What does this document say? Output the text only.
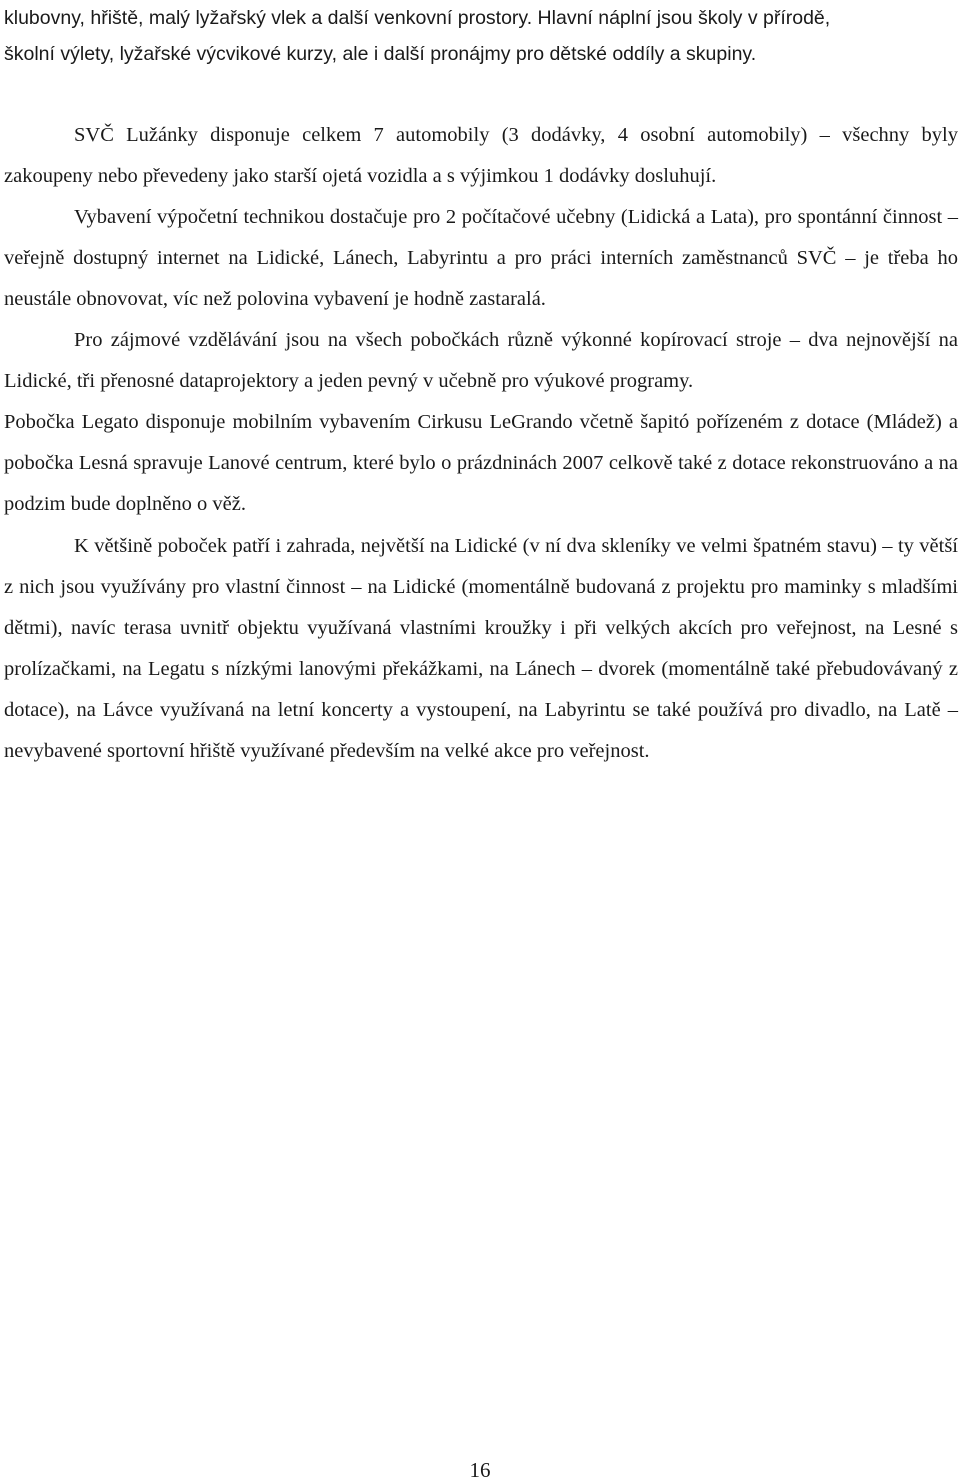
klubovny, hřiště, malý lyžařský vlek a další venkovní prostory. Hlavní náplní jsou školy v přírodě,
školní výlety, lyžařské výcvikové kurzy, ale i další pronájmy pro dětské oddíly a skupiny.

SVČ Lužánky disponuje celkem 7 automobily (3 dodávky, 4 osobní automobily) – všechny byly zakoupeny nebo převedeny jako starší ojetá vozidla a s výjimkou 1 dodávky dosluhují.

Vybavení výpočetní technikou dostačuje pro 2 počítačové učebny (Lidická a Lata), pro spontánní činnost – veřejně dostupný internet na Lidické, Lánech, Labyrintu a pro práci interních zaměstnanců SVČ – je třeba ho neustále obnovovat, víc než polovina vybavení je hodně zastaralá.

Pro zájmové vzdělávání jsou na všech pobočkách různě výkonné kopírovací stroje – dva nejnovější na Lidické, tři přenosné dataprojektory a jeden pevný v učebně pro výukové programy.

Pobočka Legato disponuje mobilním vybavením Cirkusu LeGrando včetně šapitó pořízeném z dotace (Mládež) a pobočka Lesná spravuje Lanové centrum, které bylo o prázdninách 2007 celkově také z dotace rekonstruováno a na podzim bude doplněno o věž.

K většině poboček patří i zahrada, největší na Lidické (v ní dva skleníky ve velmi špatném stavu) – ty větší z nich jsou využívány pro vlastní činnost – na Lidické (momentálně budovaná z projektu pro maminky s mladšími dětmi), navíc terasa uvnitř objektu využívaná vlastními kroužky i při velkých akcích pro veřejnost, na Lesné s prolízačkami, na Legatu s nízkými lanovými překážkami, na Lánech – dvorek (momentálně také přebudovávaný z dotace), na Lávce využívaná na letní koncerty a vystoupení, na Labyrintu se také používá pro divadlo, na Latě – nevybavené sportovní hřiště využívané především na velké akce pro veřejnost.

16
